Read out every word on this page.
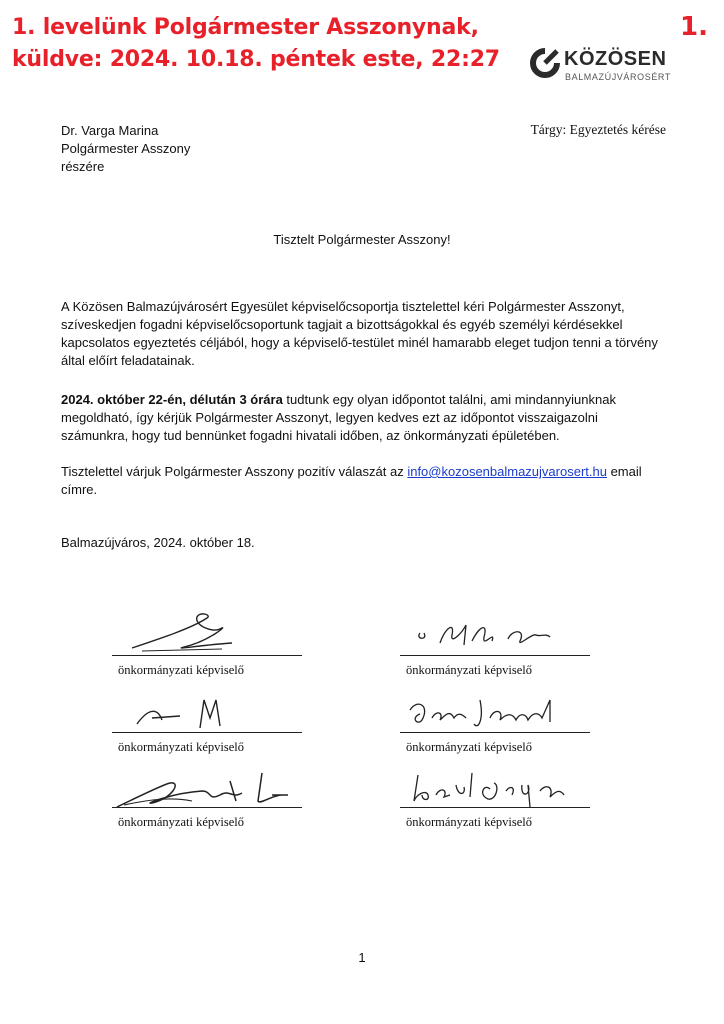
1. levelünk Polgármester Asszonynak,
küldve: 2024. 10.18. péntek este, 22:27
1.
KÖZÖSEN
BALMAZÚJVÁROSÉRT
Dr. Varga Marina
Polgármester Asszony
részére
Tárgy: Egyeztetés kérése
Tisztelt Polgármester Asszony!

A Közösen Balmazújvárosért Egyesület képviselőcsoportja tisztelettel kéri Polgármester Asszonyt, szíveskedjen fogadni képviselőcsoportunk tagjait a bizottságokkal és egyéb személyi kérdésekkel kapcsolatos egyeztetés céljából, hogy a képviselő-testület minél hamarabb eleget tudjon tenni a törvény által előírt feladatainak.

2024. október 22-én, délután 3 órára tudtunk egy olyan időpontot találni, ami mindannyiunknak megoldható, így kérjük Polgármester Asszonyt, legyen kedves ezt az időpontot visszaigazolni számunkra, hogy tud bennünket fogadni hivatali időben, az önkormányzati épületében.

Tisztelettel várjuk Polgármester Asszony pozitív válaszát az info@kozosenbalmazujvarosert.hu email címre.

Balmazújváros, 2024. október 18.
önkormányzati képviselő	önkormányzati képviselő
önkormányzati képviselő	önkormányzati képviselő
önkormányzati képviselő	önkormányzati képviselő
1
